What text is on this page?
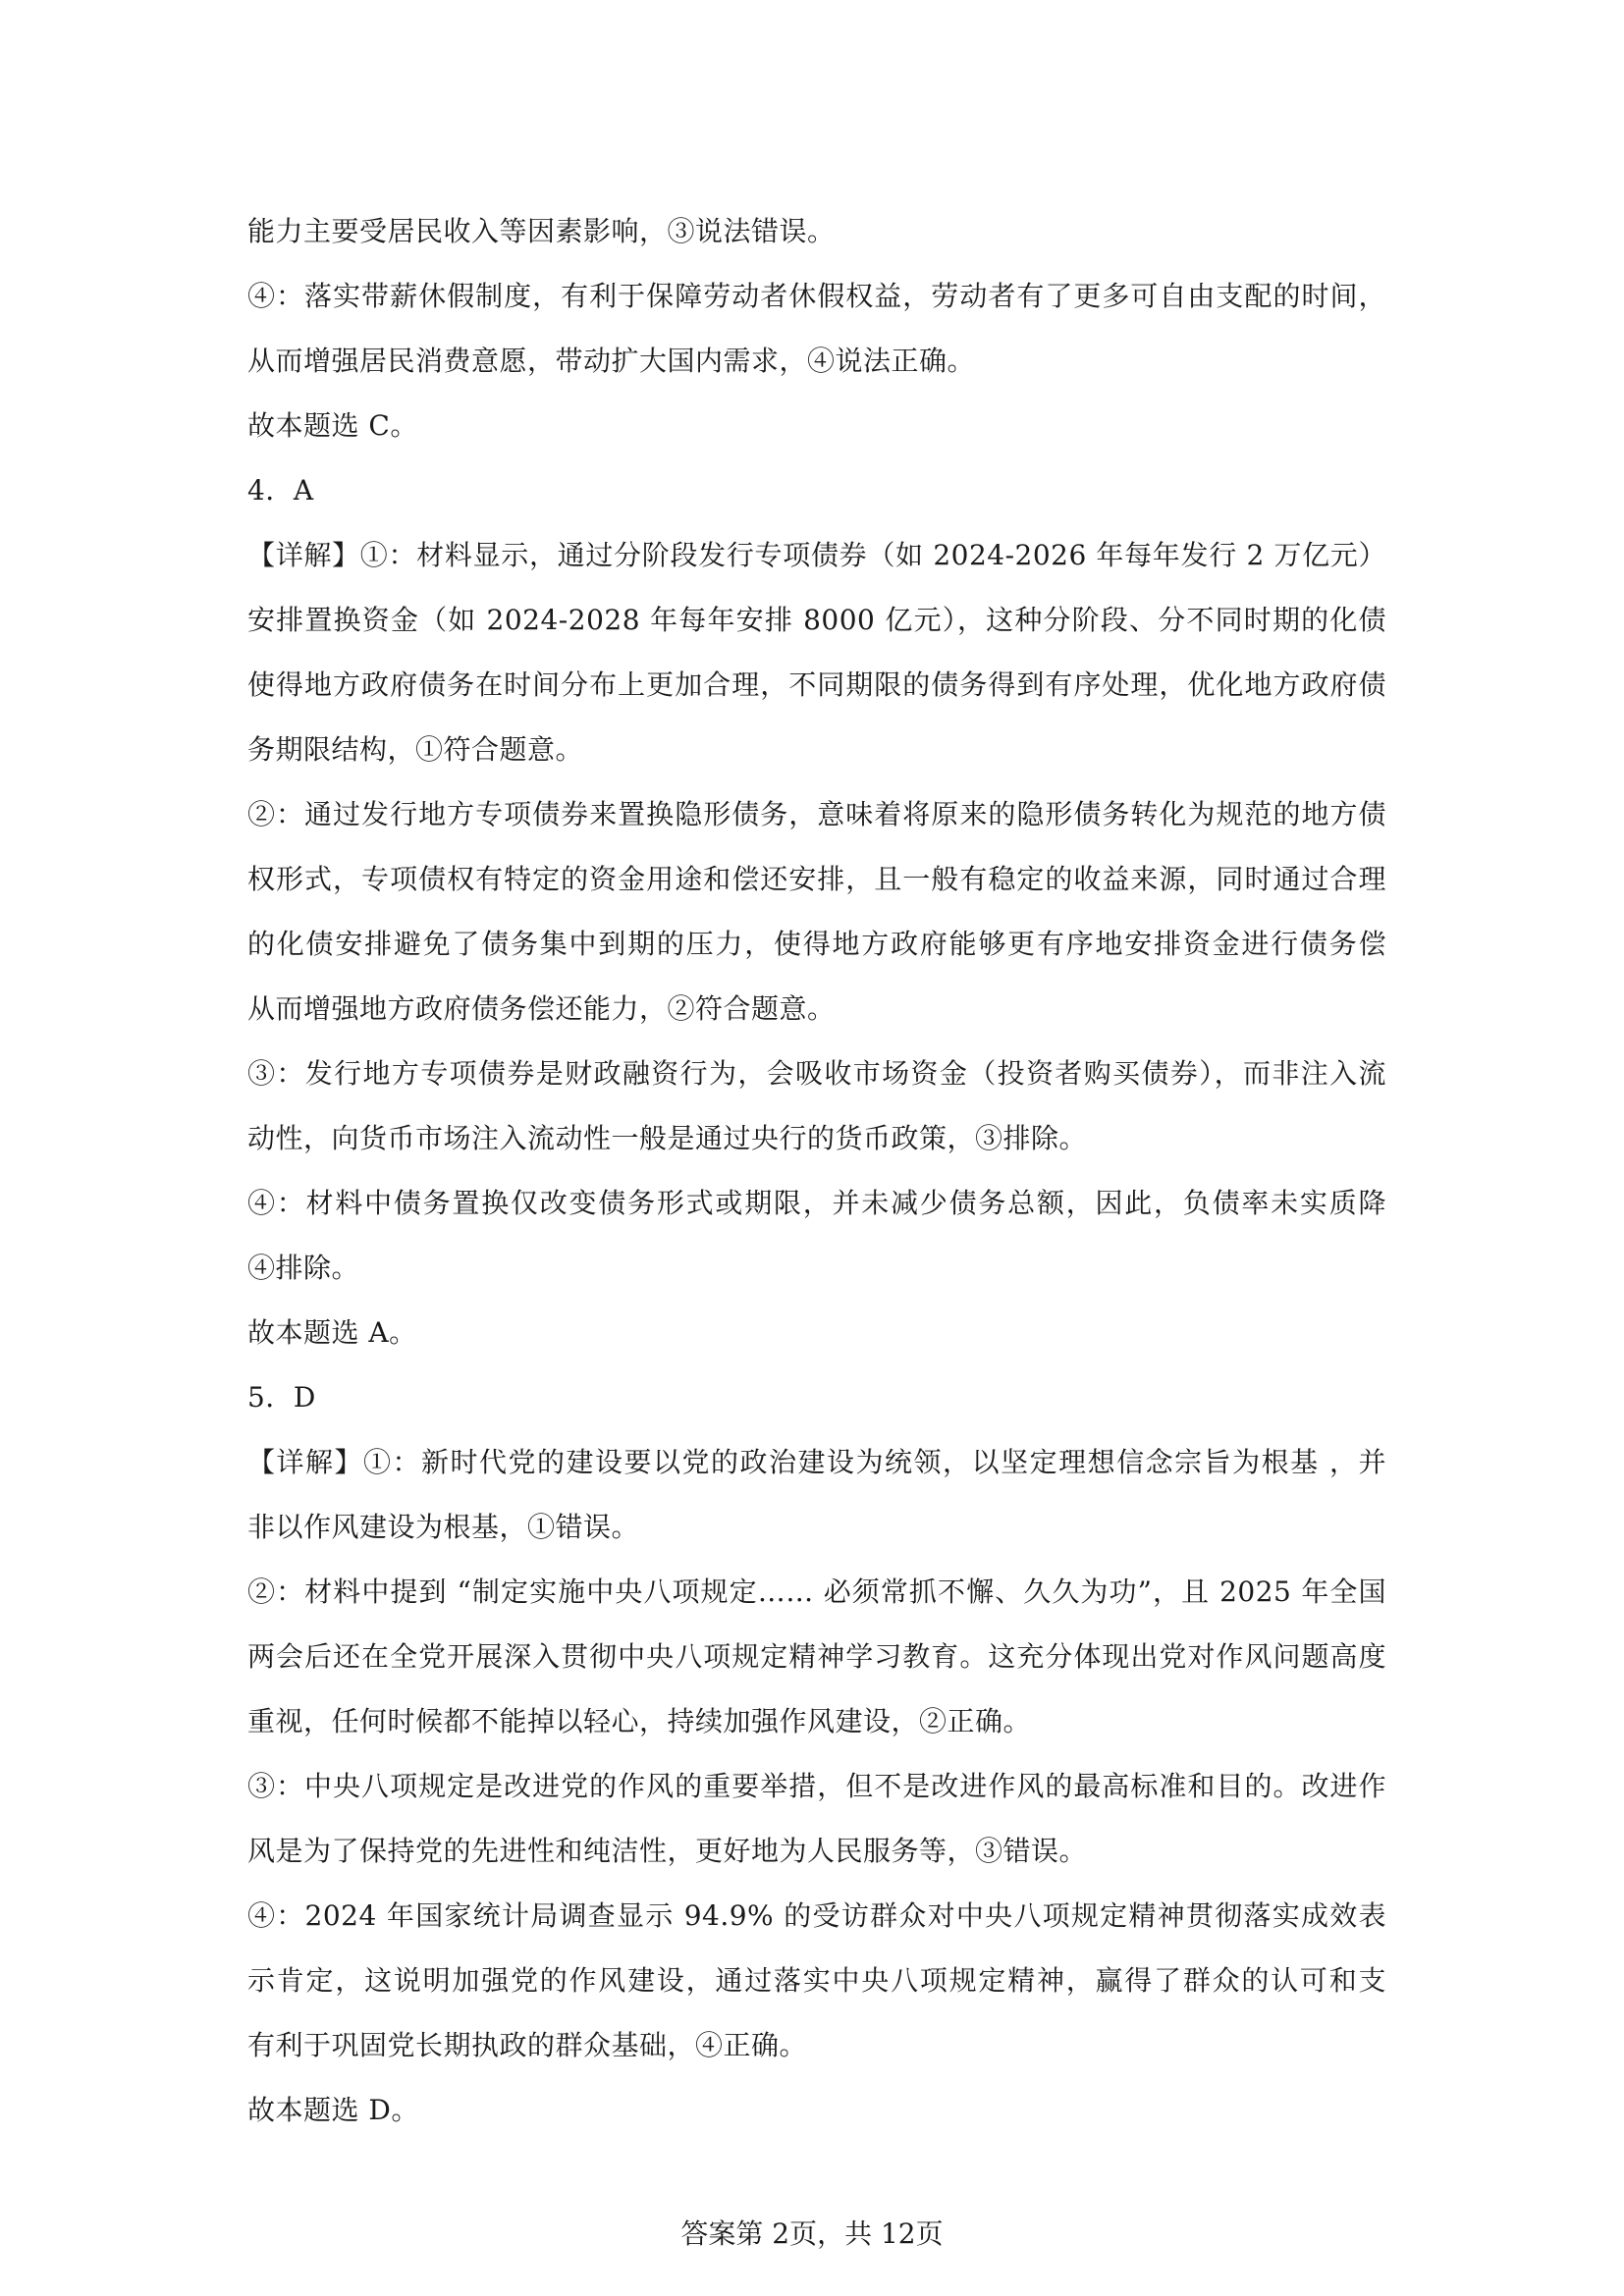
能力主要受居民收入等因素影响，③说法错误。
④：落实带薪休假制度，有利于保障劳动者休假权益，劳动者有了更多可自由支配的时间，
从而增强居民消费意愿，带动扩大国内需求，④说法正确。
故本题选 C。
4．A
【详解】①：材料显示，通过分阶段发行专项债券（如 2024-2026 年每年发行 2 万亿元）
安排置换资金（如 2024-2028 年每年安排 8000 亿元），这种分阶段、分不同时期的化债
使得地方政府债务在时间分布上更加合理，不同期限的债务得到有序处理，优化地方政府债
务期限结构，①符合题意。
②：通过发行地方专项债券来置换隐形债务，意味着将原来的隐形债务转化为规范的地方债
权形式，专项债权有特定的资金用途和偿还安排，且一般有稳定的收益来源，同时通过合理
的化债安排避免了债务集中到期的压力，使得地方政府能够更有序地安排资金进行债务偿
从而增强地方政府债务偿还能力，②符合题意。
③：发行地方专项债券是财政融资行为，会吸收市场资金（投资者购买债券），而非注入流
动性，向货币市场注入流动性一般是通过央行的货币政策，③排除。
④：材料中债务置换仅改变债务形式或期限，并未减少债务总额，因此，负债率未实质降
④排除。
故本题选 A。
5．D
【详解】①：新时代党的建设要以党的政治建设为统领，以坚定理想信念宗旨为根基 ，并
非以作风建设为根基，①错误。
②：材料中提到 “制定实施中央八项规定…… 必须常抓不懈、久久为功”，且 2025 年全国
两会后还在全党开展深入贯彻中央八项规定精神学习教育。这充分体现出党对作风问题高度
重视，任何时候都不能掉以轻心，持续加强作风建设，②正确。
③：中央八项规定是改进党的作风的重要举措，但不是改进作风的最高标准和目的。改进作
风是为了保持党的先进性和纯洁性，更好地为人民服务等，③错误。
④：2024 年国家统计局调查显示 94.9% 的受访群众对中央八项规定精神贯彻落实成效表
示肯定，这说明加强党的作风建设，通过落实中央八项规定精神，赢得了群众的认可和支
有利于巩固党长期执政的群众基础，④正确。
故本题选 D。
答案第 2页，共 12页
